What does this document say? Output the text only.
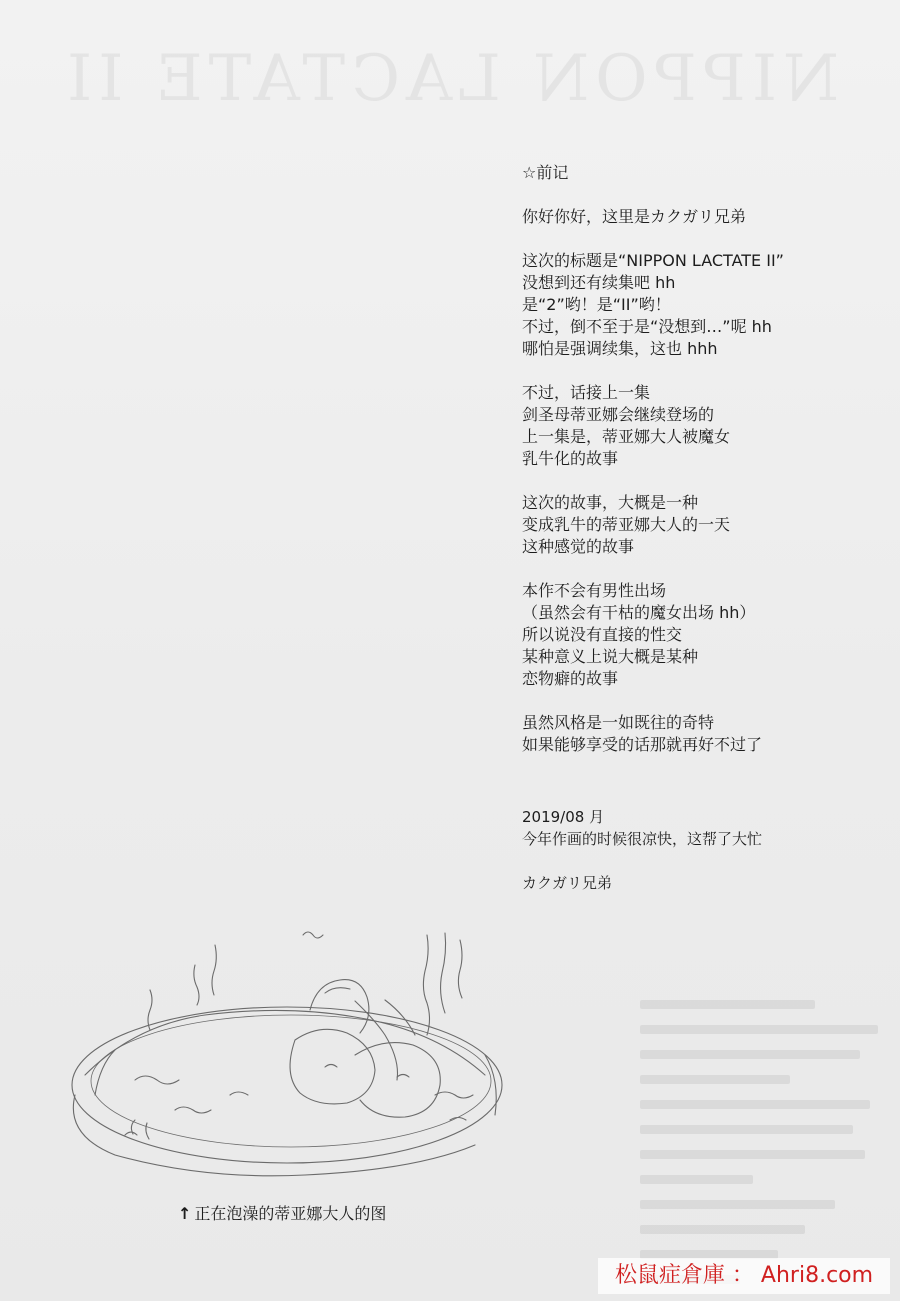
NIPPON LACTATE II
☆前记
你好你好，这里是カクガリ兄弟
这次的标题是“NIPPON LACTATE II”
没想到还有续集吧 hh
是“2”哟！是“II”哟！
不过，倒不至于是“没想到…”呢 hh
哪怕是强调续集，这也 hhh
不过，话接上一集
剑圣母蒂亚娜会继续登场的
上一集是，蒂亚娜大人被魔女
乳牛化的故事
这次的故事，大概是一种
变成乳牛的蒂亚娜大人的一天
这种感觉的故事
本作不会有男性出场
（虽然会有干枯的魔女出场 hh）
所以说没有直接的性交
某种意义上说大概是某种
恋物癖的故事
虽然风格是一如既往的奇特
如果能够享受的话那就再好不过了
2019/08 月
今年作画的时候很凉快，这帮了大忙
カクガリ兄弟
↑ 正在泡澡的蒂亚娜大人的图
松鼠症倉庫 ： Ahri8.com
